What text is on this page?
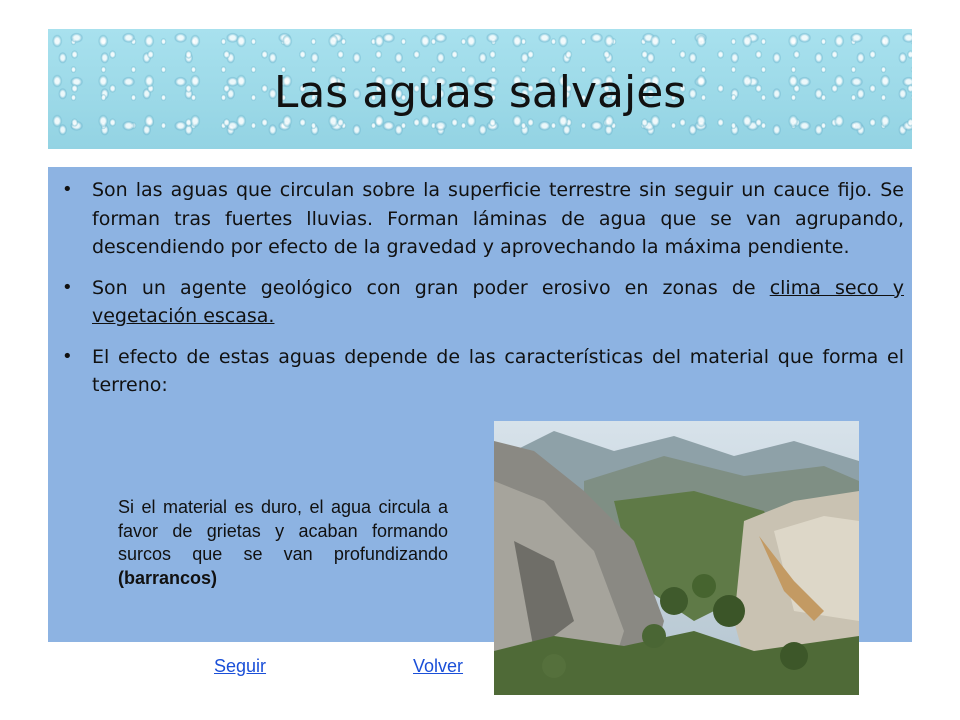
Las aguas salvajes
• Son las aguas que circulan sobre la superficie terrestre sin seguir un cauce fijo. Se forman tras fuertes lluvias. Forman láminas de agua que se van agrupando, descendiendo por efecto de la gravedad y aprovechando la máxima pendiente.
• Son un agente geológico con gran poder erosivo en zonas de clima seco y vegetación escasa.
• El efecto de estas aguas depende de las características del material que forma el terreno:
Si el material es duro, el agua circula a favor de grietas y acaban formando surcos que se van profundizando (barrancos)
Seguir	Volver
